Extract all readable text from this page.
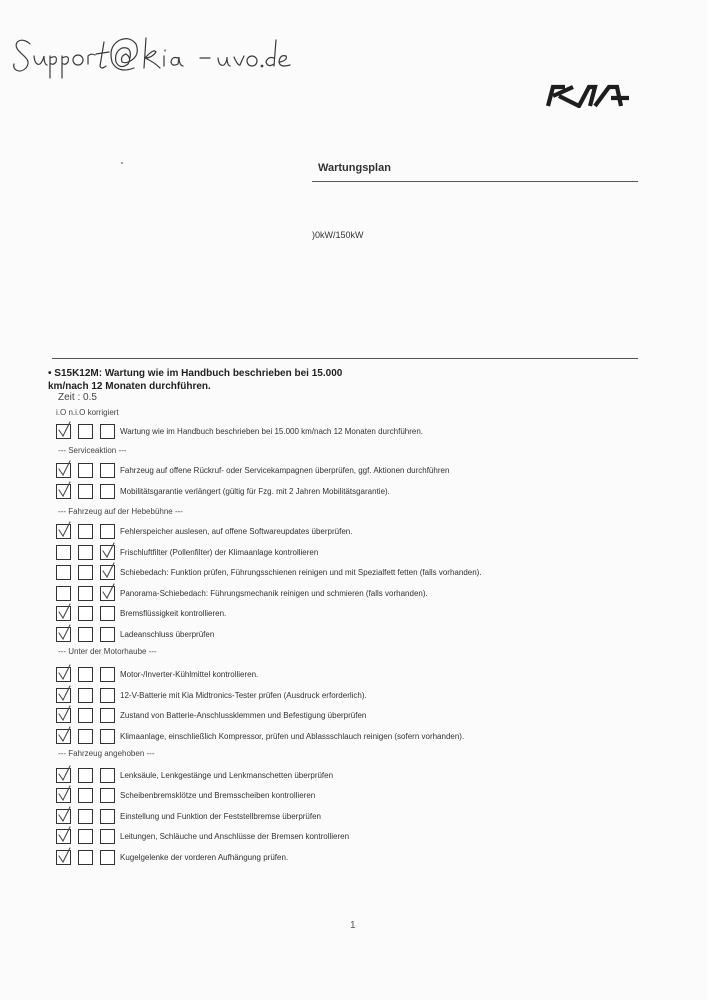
Wartungsplan
)0kW/150kW
• S15K12M: Wartung wie im Handbuch beschrieben bei 15.000
km/nach 12 Monaten durchführen.
Zeit : 0.5
i.O n.i.O korrigiert
--- Serviceaktion ---
--- Fahrzeug auf der Hebebühne ---
--- Unter der Motorhaube ---
--- Fahrzeug angehoben ---
Wartung wie im Handbuch beschrieben bei 15.000 km/nach 12 Monaten durchführen.
Fahrzeug auf offene Rückruf- oder Servicekampagnen überprüfen, ggf. Aktionen durchführen
Mobilitätsgarantie verlängert (gültig für Fzg. mit 2 Jahren Mobilitätsgarantie).
Fehlerspeicher auslesen, auf offene Softwareupdates überprüfen.
Frischluftfilter (Pollenfilter) der Klimaanlage kontrollieren
Schiebedach: Funktion prüfen, Führungsschienen reinigen und mit Spezialfett fetten (falls vorhanden).
Panorama-Schiebedach: Führungsmechanik reinigen und schmieren (falls vorhanden).
Bremsflüssigkeit kontrollieren.
Ladeanschluss überprüfen
Motor-/Inverter-Kühlmittel kontrollieren.
12-V-Batterie mit Kia Midtronics-Tester prüfen (Ausdruck erforderlich).
Zustand von Batterie-Anschlussklemmen und Befestigung überprüfen
Klimaanlage, einschließlich Kompressor, prüfen und Ablassschlauch reinigen (sofern vorhanden).
Lenksäule, Lenkgestänge und Lenkmanschetten überprüfen
Scheibenbremsklötze und Bremsscheiben kontrollieren
Einstellung und Funktion der Feststellbremse überprüfen
Leitungen, Schläuche und Anschlüsse der Bremsen kontrollieren
Kugelgelenke der vorderen Aufhängung prüfen.
1
